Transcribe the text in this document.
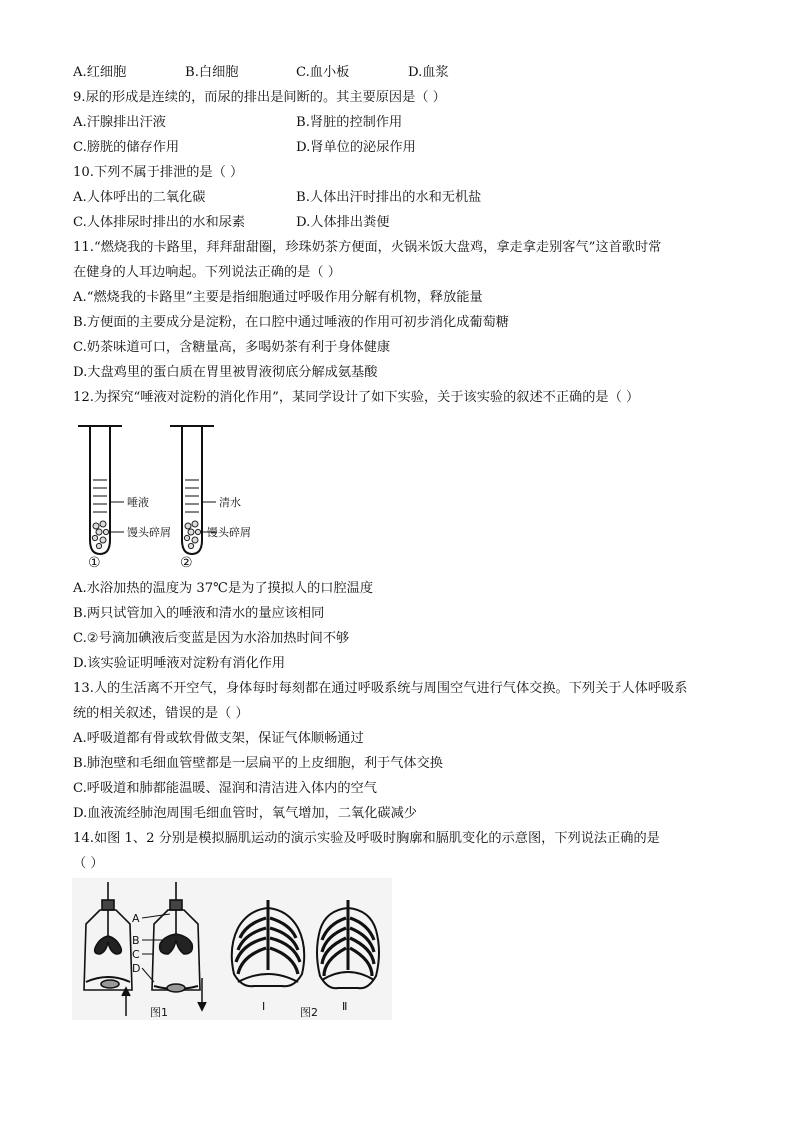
A.红细胞	B.白细胞	C.血小板	D.血浆
9.尿的形成是连续的，而尿的排出是间断的。其主要原因是（ ）
A.汗腺排出汗液	B.肾脏的控制作用
C.膀胱的储存作用	D.肾单位的泌尿作用
10.下列不属于排泄的是（ ）
A.人体呼出的二氧化碳	B.人体出汗时排出的水和无机盐
C.人体排尿时排出的水和尿素	D.人体排出粪便
11.“燃烧我的卡路里，拜拜甜甜圈，珍珠奶茶方便面，火锅米饭大盘鸡，拿走拿走别客气”这首歌时常
在健身的人耳边响起。下列说法正确的是（ ）
A.“燃烧我的卡路里”主要是指细胞通过呼吸作用分解有机物，释放能量
B.方便面的主要成分是淀粉，在口腔中通过唾液的作用可初步消化成葡萄糖
C.奶茶味道可口，含糖量高，多喝奶茶有利于身体健康
D.大盘鸡里的蛋白质在胃里被胃液彻底分解成氨基酸
12.为探究“唾液对淀粉的消化作用”，某同学设计了如下实验，关于该实验的叙述不正确的是（ ）
唾液
馒头碎屑
①
清水
馒头碎屑
②
A.水浴加热的温度为 37℃是为了摸拟人的口腔温度
B.两只试管加入的唾液和清水的量应该相同
C.②号滴加碘液后变蓝是因为水浴加热时间不够
D.该实验证明唾液对淀粉有消化作用
13.人的生活离不开空气，身体每时每刻都在通过呼吸系统与周围空气进行气体交换。下列关于人体呼吸系
统的相关叙述，错误的是（ ）
A.呼吸道都有骨或软骨做支架，保证气体顺畅通过
B.肺泡壁和毛细血管壁都是一层扁平的上皮细胞，利于气体交换
C.呼吸道和肺都能温暖、湿润和清洁进入体内的空气
D.血液流经肺泡周围毛细血管时，氧气增加，二氧化碳减少
14.如图 1、2 分别是模拟膈肌运动的演示实验及呼吸时胸廓和膈肌变化的示意图，下列说法正确的是
（ ）
A
B
C
D
图1	I	Ⅱ
图2
